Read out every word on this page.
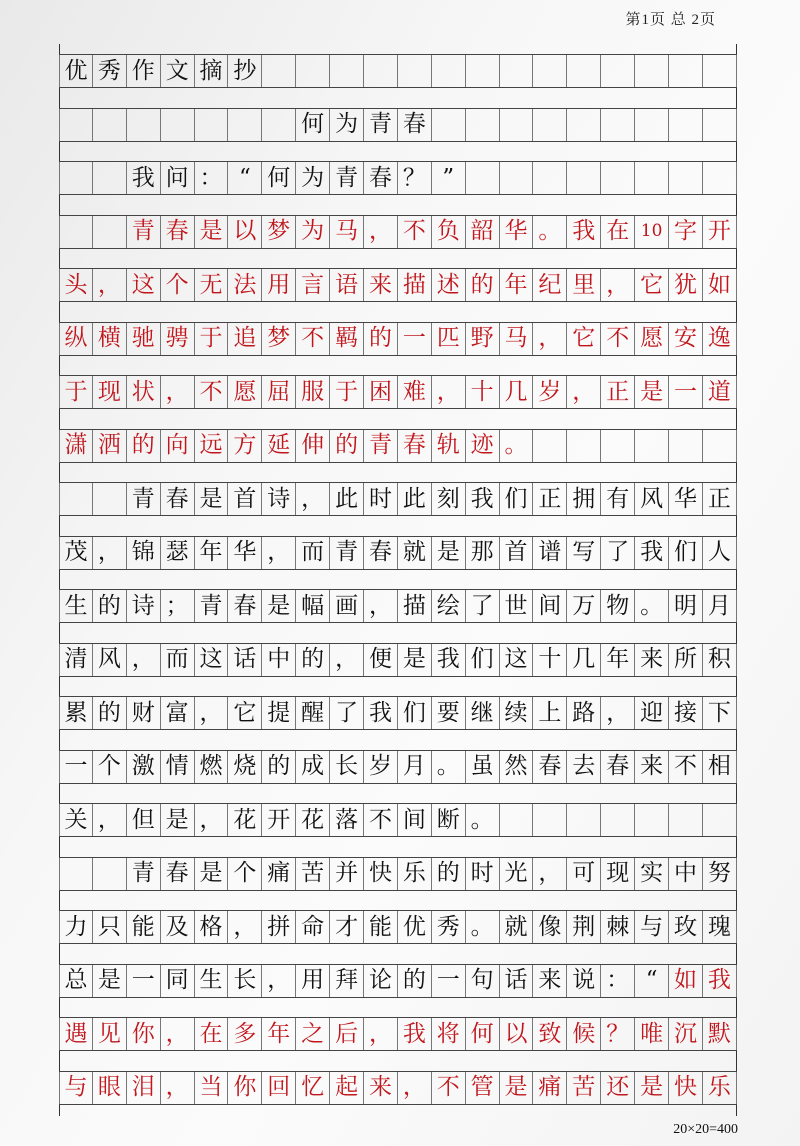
第1页 总 2页
优 秀 作 文 摘 抄
何 为 青 春
我 问 ： “ 何 为 青 春 ？ ”
青 春 是 以 梦 为 马 ， 不 负 韶 华 。 我 在 10 字 开
头 ， 这 个 无 法 用 言 语 来 描 述 的 年 纪 里 ， 它 犹 如
纵 横 驰 骋 于 追 梦 不 羁 的 一 匹 野 马 ， 它 不 愿 安 逸
于 现 状 ， 不 愿 屈 服 于 困 难 ， 十 几 岁 ， 正 是 一 道
潇 洒 的 向 远 方 延 伸 的 青 春 轨 迹 。
青 春 是 首 诗 ， 此 时 此 刻 我 们 正 拥 有 风 华 正
茂 ， 锦 瑟 年 华 ， 而 青 春 就 是 那 首 谱 写 了 我 们 人
生 的 诗 ； 青 春 是 幅 画 ， 描 绘 了 世 间 万 物 。 明 月
清 风 ， 而 这 话 中 的 ， 便 是 我 们 这 十 几 年 来 所 积
累 的 财 富 ， 它 提 醒 了 我 们 要 继 续 上 路 ， 迎 接 下
一 个 激 情 燃 烧 的 成 长 岁 月 。 虽 然 春 去 春 来 不 相
关 ， 但 是 ， 花 开 花 落 不 间 断 。
青 春 是 个 痛 苦 并 快 乐 的 时 光 ， 可 现 实 中 努
力 只 能 及 格 ， 拼 命 才 能 优 秀 。 就 像 荆 棘 与 玫 瑰
总 是 一 同 生 长 ， 用 拜 论 的 一 句 话 来 说 ： “ 如 我
遇 见 你 ， 在 多 年 之 后 ， 我 将 何 以 致 候 ？ 唯 沉 默
与 眼 泪 ， 当 你 回 忆 起 来 ， 不 管 是 痛 苦 还 是 快 乐
20×20=400
